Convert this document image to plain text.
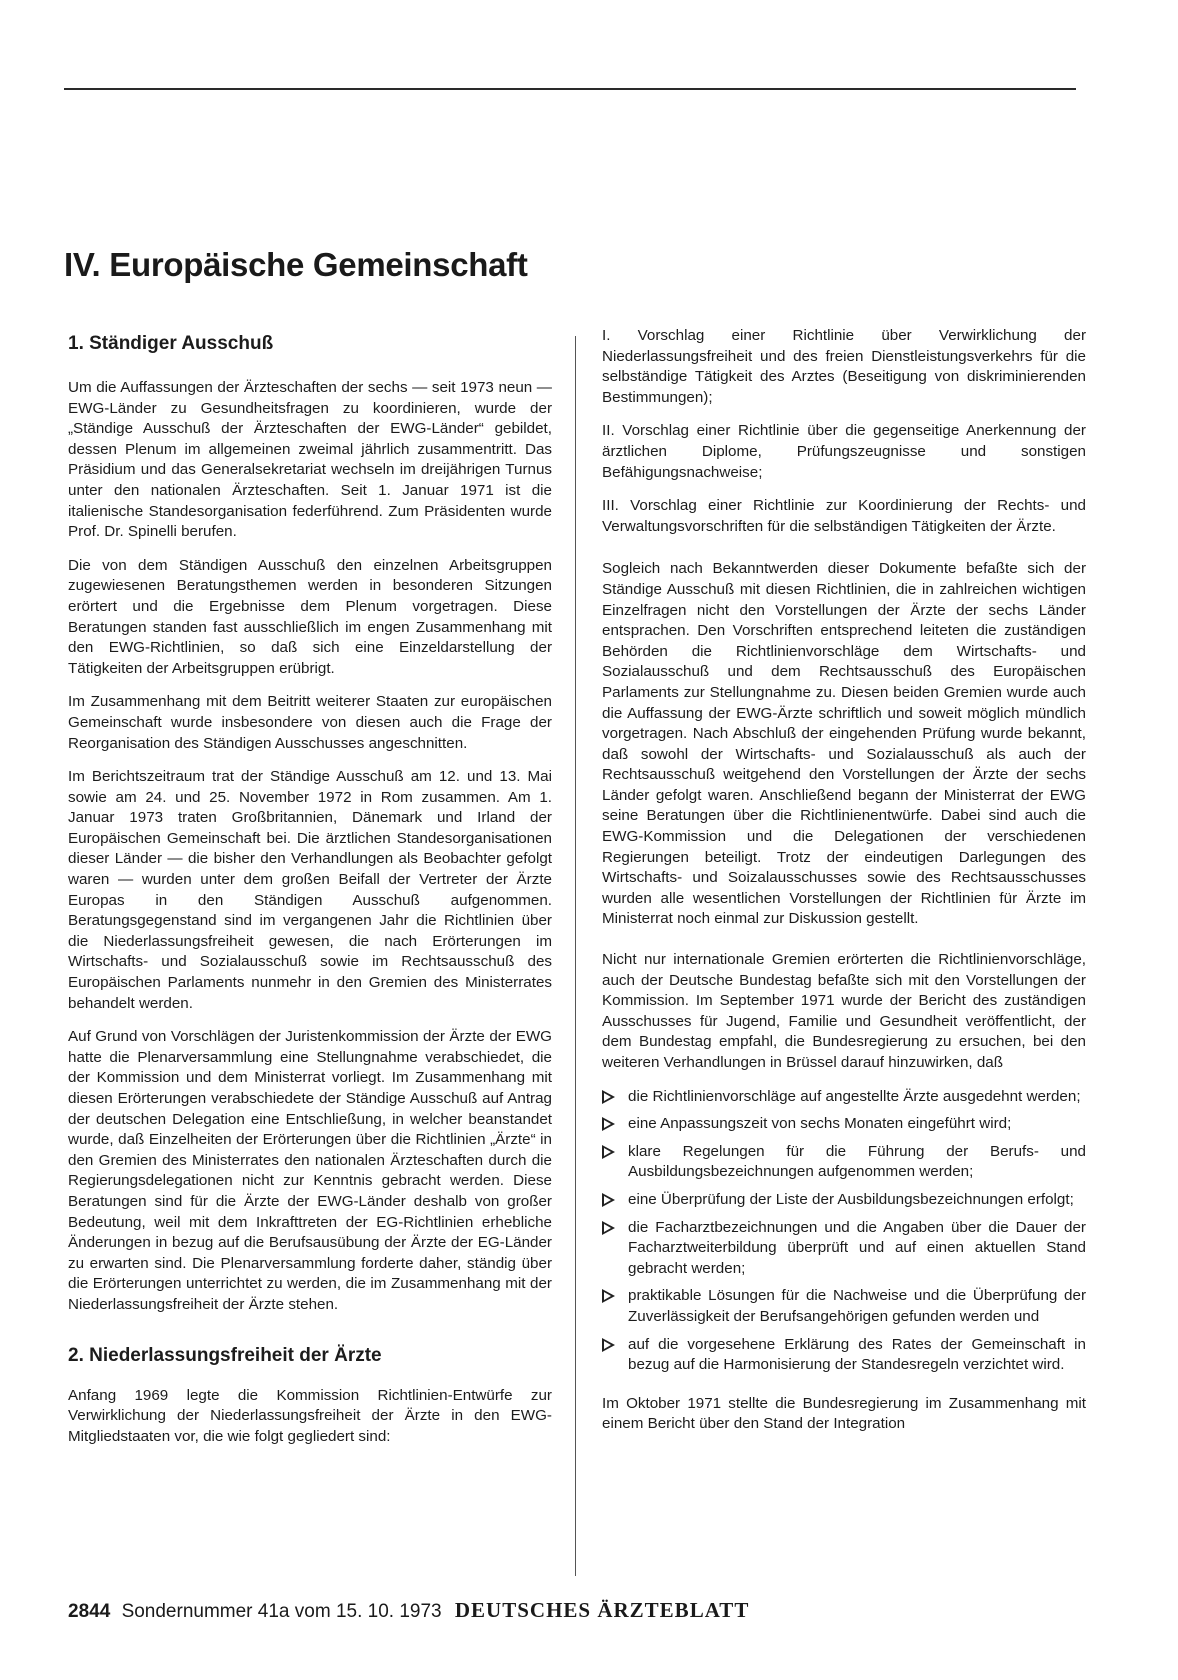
IV. Europäische Gemeinschaft
1. Ständiger Ausschuß

Um die Auffassungen der Ärzteschaften der sechs — seit 1973 neun — EWG-Länder zu Gesundheitsfragen zu koordinieren, wurde der „Ständige Ausschuß der Ärzteschaften der EWG-Länder“ gebildet, dessen Plenum im allgemeinen zweimal jährlich zusammentritt. Das Präsidium und das Generalsekretariat wechseln im dreijährigen Turnus unter den nationalen Ärzteschaften. Seit 1. Januar 1971 ist die italienische Standesorganisation federführend. Zum Präsidenten wurde Prof. Dr. Spinelli berufen.

Die von dem Ständigen Ausschuß den einzelnen Arbeitsgruppen zugewiesenen Beratungsthemen werden in besonderen Sitzungen erörtert und die Ergebnisse dem Plenum vorgetragen. Diese Beratungen standen fast ausschließlich im engen Zusammenhang mit den EWG-Richtlinien, so daß sich eine Einzeldarstellung der Tätigkeiten der Arbeitsgruppen erübrigt.

Im Zusammenhang mit dem Beitritt weiterer Staaten zur europäischen Gemeinschaft wurde insbesondere von diesen auch die Frage der Reorganisation des Ständigen Ausschusses angeschnitten.

Im Berichtszeitraum trat der Ständige Ausschuß am 12. und 13. Mai sowie am 24. und 25. November 1972 in Rom zusammen. Am 1. Januar 1973 traten Großbritannien, Dänemark und Irland der Europäischen Gemeinschaft bei. Die ärztlichen Standesorganisationen dieser Länder — die bisher den Verhandlungen als Beobachter gefolgt waren — wurden unter dem großen Beifall der Vertreter der Ärzte Europas in den Ständigen Ausschuß aufgenommen. Beratungsgegenstand sind im vergangenen Jahr die Richtlinien über die Niederlassungsfreiheit gewesen, die nach Erörterungen im Wirtschafts- und Sozialausschuß sowie im Rechtsausschuß des Europäischen Parlaments nunmehr in den Gremien des Ministerrates behandelt werden.

Auf Grund von Vorschlägen der Juristenkommission der Ärzte der EWG hatte die Plenarversammlung eine Stellungnahme verabschiedet, die der Kommission und dem Ministerrat vorliegt. Im Zusammenhang mit diesen Erörterungen verabschiedete der Ständige Ausschuß auf Antrag der deutschen Delegation eine Entschließung, in welcher beanstandet wurde, daß Einzelheiten der Erörterungen über die Richtlinien „Ärzte“ in den Gremien des Ministerrates den nationalen Ärzteschaften durch die Regierungsdelegationen nicht zur Kenntnis gebracht werden. Diese Beratungen sind für die Ärzte der EWG-Länder deshalb von großer Bedeutung, weil mit dem Inkrafttreten der EG-Richtlinien erhebliche Änderungen in bezug auf die Berufsausübung der Ärzte der EG-Länder zu erwarten sind. Die Plenarversammlung forderte daher, ständig über die Erörterungen unterrichtet zu werden, die im Zusammenhang mit der Niederlassungsfreiheit der Ärzte stehen.

2. Niederlassungsfreiheit der Ärzte

Anfang 1969 legte die Kommission Richtlinien-Entwürfe zur Verwirklichung der Niederlassungsfreiheit der Ärzte in den EWG-Mitgliedstaaten vor, die wie folgt gegliedert sind:

I. Vorschlag einer Richtlinie über Verwirklichung der Niederlassungsfreiheit und des freien Dienstleistungsverkehrs für die selbständige Tätigkeit des Arztes (Beseitigung von diskriminierenden Bestimmungen);

II. Vorschlag einer Richtlinie über die gegenseitige Anerkennung der ärztlichen Diplome, Prüfungszeugnisse und sonstigen Befähigungsnachweise;

III. Vorschlag einer Richtlinie zur Koordinierung der Rechts- und Verwaltungsvorschriften für die selbständigen Tätigkeiten der Ärzte.

Sogleich nach Bekanntwerden dieser Dokumente befaßte sich der Ständige Ausschuß mit diesen Richtlinien, die in zahlreichen wichtigen Einzelfragen nicht den Vorstellungen der Ärzte der sechs Länder entsprachen. Den Vorschriften entsprechend leiteten die zuständigen Behörden die Richtlinienvorschläge dem Wirtschafts- und Sozialausschuß und dem Rechtsausschuß des Europäischen Parlaments zur Stellungnahme zu. Diesen beiden Gremien wurde auch die Auffassung der EWG-Ärzte schriftlich und soweit möglich mündlich vorgetragen. Nach Abschluß der eingehenden Prüfung wurde bekannt, daß sowohl der Wirtschafts- und Sozialausschuß als auch der Rechtsausschuß weitgehend den Vorstellungen der Ärzte der sechs Länder gefolgt waren. Anschließend begann der Ministerrat der EWG seine Beratungen über die Richtlinienentwürfe. Dabei sind auch die EWG-Kommission und die Delegationen der verschiedenen Regierungen beteiligt. Trotz der eindeutigen Darlegungen des Wirtschafts- und Soizalausschusses sowie des Rechtsausschusses wurden alle wesentlichen Vorstellungen der Richtlinien für Ärzte im Ministerrat noch einmal zur Diskussion gestellt.

Nicht nur internationale Gremien erörterten die Richtlinienvorschläge, auch der Deutsche Bundestag befaßte sich mit den Vorstellungen der Kommission. Im September 1971 wurde der Bericht des zuständigen Ausschusses für Jugend, Familie und Gesundheit veröffentlicht, der dem Bundestag empfahl, die Bundesregierung zu ersuchen, bei den weiteren Verhandlungen in Brüssel darauf hinzuwirken, daß

die Richtlinienvorschläge auf angestellte Ärzte ausgedehnt werden;
eine Anpassungszeit von sechs Monaten eingeführt wird;
klare Regelungen für die Führung der Berufs- und Ausbildungsbezeichnungen aufgenommen werden;
eine Überprüfung der Liste der Ausbildungsbezeichnungen erfolgt;
die Facharztbezeichnungen und die Angaben über die Dauer der Facharztweiterbildung überprüft und auf einen aktuellen Stand gebracht werden;
praktikable Lösungen für die Nachweise und die Überprüfung der Zuverlässigkeit der Berufsangehörigen gefunden werden und
auf die vorgesehene Erklärung des Rates der Gemeinschaft in bezug auf die Harmonisierung der Standesregeln verzichtet wird.

Im Oktober 1971 stellte die Bundesregierung im Zusammenhang mit einem Bericht über den Stand der Integration

2844 Sondernummer 41a vom 15. 10. 1973 DEUTSCHES ÄRZTEBLATT
